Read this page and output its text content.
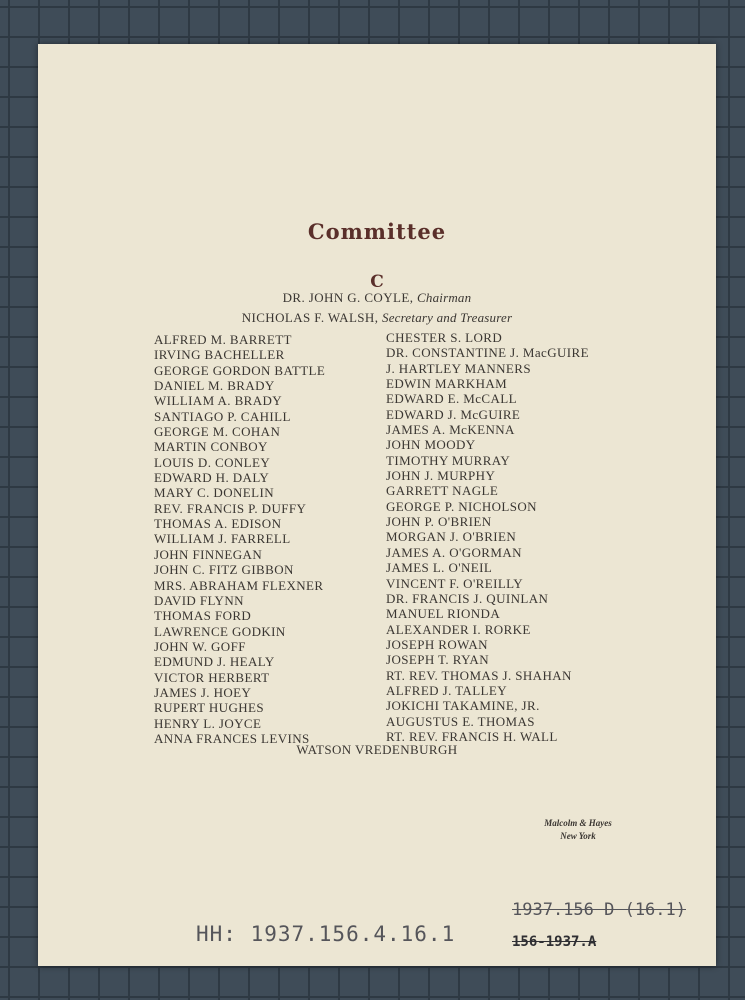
Committee
C
DR. JOHN G. COYLE, Chairman
NICHOLAS F. WALSH, Secretary and Treasurer
ALFRED M. BARRETT
IRVING BACHELLER
GEORGE GORDON BATTLE
DANIEL M. BRADY
WILLIAM A. BRADY
SANTIAGO P. CAHILL
GEORGE M. COHAN
MARTIN CONBOY
LOUIS D. CONLEY
EDWARD H. DALY
MARY C. DONELIN
REV. FRANCIS P. DUFFY
THOMAS A. EDISON
WILLIAM J. FARRELL
JOHN FINNEGAN
JOHN C. FITZ GIBBON
MRS. ABRAHAM FLEXNER
DAVID FLYNN
THOMAS FORD
LAWRENCE GODKIN
JOHN W. GOFF
EDMUND J. HEALY
VICTOR HERBERT
JAMES J. HOEY
RUPERT HUGHES
HENRY L. JOYCE
ANNA FRANCES LEVINS
CHESTER S. LORD
DR. CONSTANTINE J. MacGUIRE
J. HARTLEY MANNERS
EDWIN MARKHAM
EDWARD E. McCALL
EDWARD J. McGUIRE
JAMES A. McKENNA
JOHN MOODY
TIMOTHY MURRAY
JOHN J. MURPHY
GARRETT NAGLE
GEORGE P. NICHOLSON
JOHN P. O'BRIEN
MORGAN J. O'BRIEN
JAMES A. O'GORMAN
JAMES L. O'NEIL
VINCENT F. O'REILLY
DR. FRANCIS J. QUINLAN
MANUEL RIONDA
ALEXANDER I. RORKE
JOSEPH ROWAN
JOSEPH T. RYAN
RT. REV. THOMAS J. SHAHAN
ALFRED J. TALLEY
JOKICHI TAKAMINE, JR.
AUGUSTUS E. THOMAS
RT. REV. FRANCIS H. WALL
WATSON VREDENBURGH
Malcolm & Hayes
New York
HH: 1937.156.4.16.1
1937.156 D (16.1)
156-1937.A
